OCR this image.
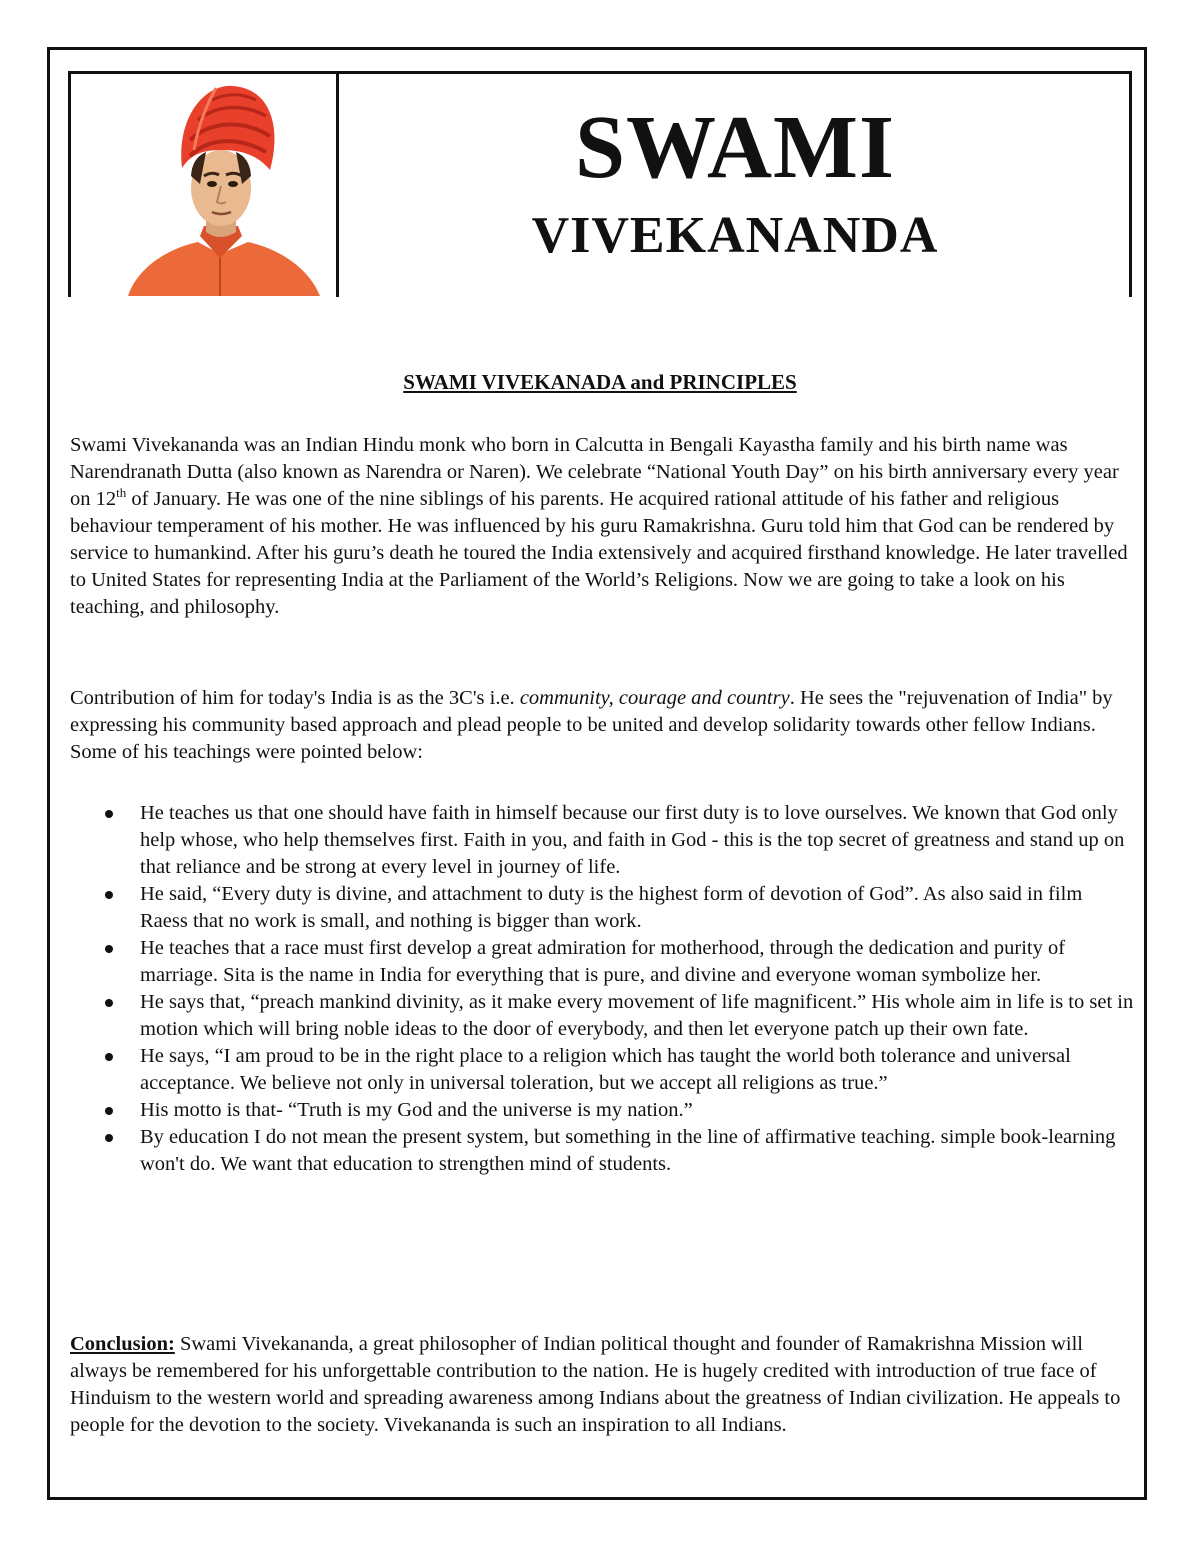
SWAMI
VIVEKANANDA
SWAMI VIVEKANADA and PRINCIPLES
Swami Vivekananda was an Indian Hindu monk who born in Calcutta in Bengali Kayastha family and his birth name was Narendranath Dutta (also known as Narendra or Naren). We celebrate “National Youth Day” on his birth anniversary every year on 12th of January. He was one of the nine siblings of his parents. He acquired rational attitude of his father and religious behaviour temperament of his mother. He was influenced by his guru Ramakrishna. Guru told him that God can be rendered by service to humankind. After his guru’s death he toured the India extensively and acquired firsthand knowledge. He later travelled to United States for representing India at the Parliament of the World’s Religions. Now we are going to take a look on his teaching, and philosophy.
Contribution of him for today's India is as the 3C's i.e. community, courage and country. He sees the "rejuvenation of India" by expressing his community based approach and plead people to be united and develop solidarity towards other fellow Indians. Some of his teachings were pointed below:
He teaches us that one should have faith in himself because our first duty is to love ourselves. We known that God only help whose, who help themselves first. Faith in you, and faith in God - this is the top secret of greatness and stand up on that reliance and be strong at every level in journey of life.
He said, “Every duty is divine, and attachment to duty is the highest form of devotion of God”. As also said in film Raess that no work is small, and nothing is bigger than work.
He teaches that a race must first develop a great admiration for motherhood, through the dedication and purity of marriage. Sita is the name in India for everything that is pure, and divine and everyone woman symbolize her.
He says that, “preach mankind divinity, as it make every movement of life magnificent.” His whole aim in life is to set in motion which will bring noble ideas to the door of everybody, and then let everyone patch up their own fate.
He says, “I am proud to be in the right place to a religion which has taught the world both tolerance and universal acceptance. We believe not only in universal toleration, but we accept all religions as true.”
His motto is that- “Truth is my God and the universe is my nation.”
By education I do not mean the present system, but something in the line of affirmative teaching. simple book-learning won't do. We want that education to strengthen mind of students.
Conclusion: Swami Vivekananda, a great philosopher of Indian political thought and founder of Ramakrishna Mission will always be remembered for his unforgettable contribution to the nation. He is hugely credited with introduction of true face of Hinduism to the western world and spreading awareness among Indians about the greatness of Indian civilization. He appeals to people for the devotion to the society. Vivekananda is such an inspiration to all Indians.
